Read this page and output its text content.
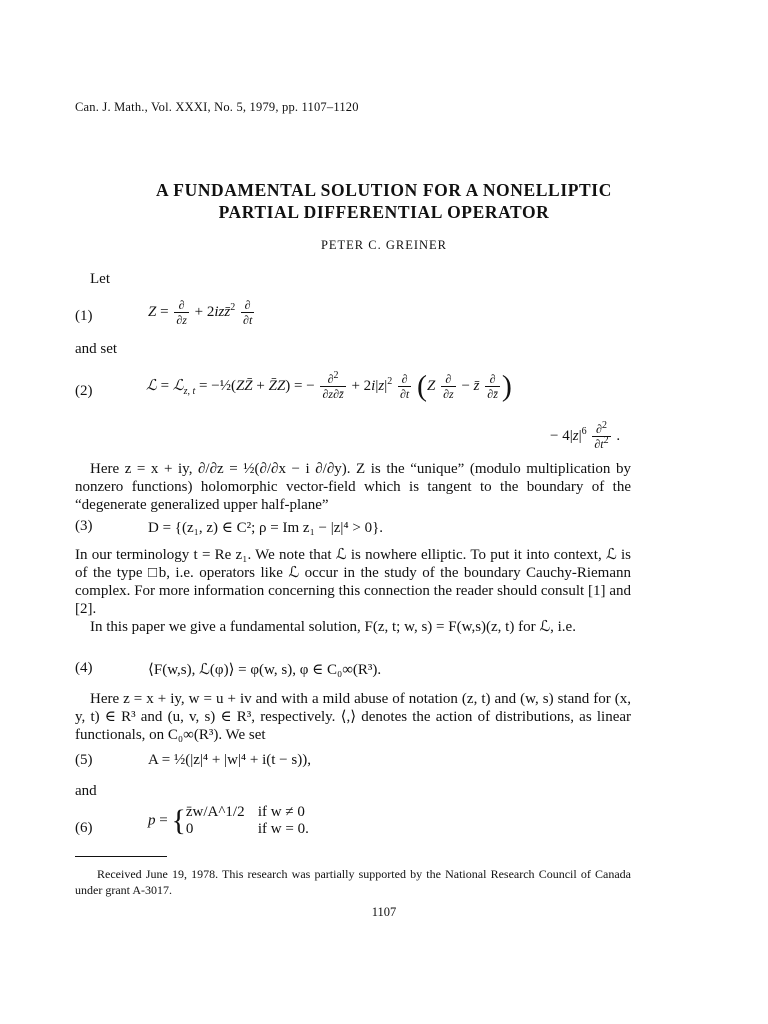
Can. J. Math., Vol. XXXI, No. 5, 1979, pp. 1107–1120
A FUNDAMENTAL SOLUTION FOR A NONELLIPTIC
PARTIAL DIFFERENTIAL OPERATOR
PETER C. GREINER
Let
(1)	$Z = \frac{\partial}{\partial z}$ + 2izz̄$^2$ $\frac{\partial}{\partial t}$
and set
(2)	ℒ = ℒ$_{z, t}$ = −½(ZZ̄ + Z̄Z) = − $\frac{\partial^2}{\partial z\partial z̄} + 2i|z|^2 \frac{\partial}{\partial t} (Z \frac{\partial}{\partial z}$ − z̄ $\frac{\partial}{\partial z̄}$ )
− $4|z|^6 \frac{\partial^2}{\partial t^2}$ .
Here z = x + iy, ∂/∂z = ½(∂/∂x − i ∂/∂y). Z is the “unique” (modulo multiplication by nonzero functions) holomorphic vector-field which is tangent to the boundary of the “degenerate generalized upper half-plane”
(3)	D = {(z₁, z) ∈ C²; ρ = Im z₁ − |z|⁴ > 0}.
In our terminology t = Re z₁. We note that ℒ is nowhere elliptic. To put it into context, ℒ is of the type □b, i.e. operators like ℒ occur in the study of the boundary Cauchy-Riemann complex. For more information concerning this connection the reader should consult [1] and [2].
In this paper we give a fundamental solution, F(z, t; w, s) = F(w,s)(z, t) for ℒ, i.e.
(4)	⟨F(w,s), ℒ(φ)⟩ = φ(w, s), φ ∈ C₀∞(R³).
Here z = x + iy, w = u + iv and with a mild abuse of notation (z, t) and (w, s) stand for (x, y, t) ∈ R³ and (u, v, s) ∈ R³, respectively. ⟨,⟩ denotes the action of distributions, as linear functionals, on C₀∞(R³). We set
(5)	A = ½(|z|⁴ + |w|⁴ + i(t − s)),
and
(6)	p = {z̄w/A^1/2 if w ≠ 0
0	if w = 0.
Received June 19, 1978. This research was partially supported by the National Research Council of Canada under grant A-3017.
1107
